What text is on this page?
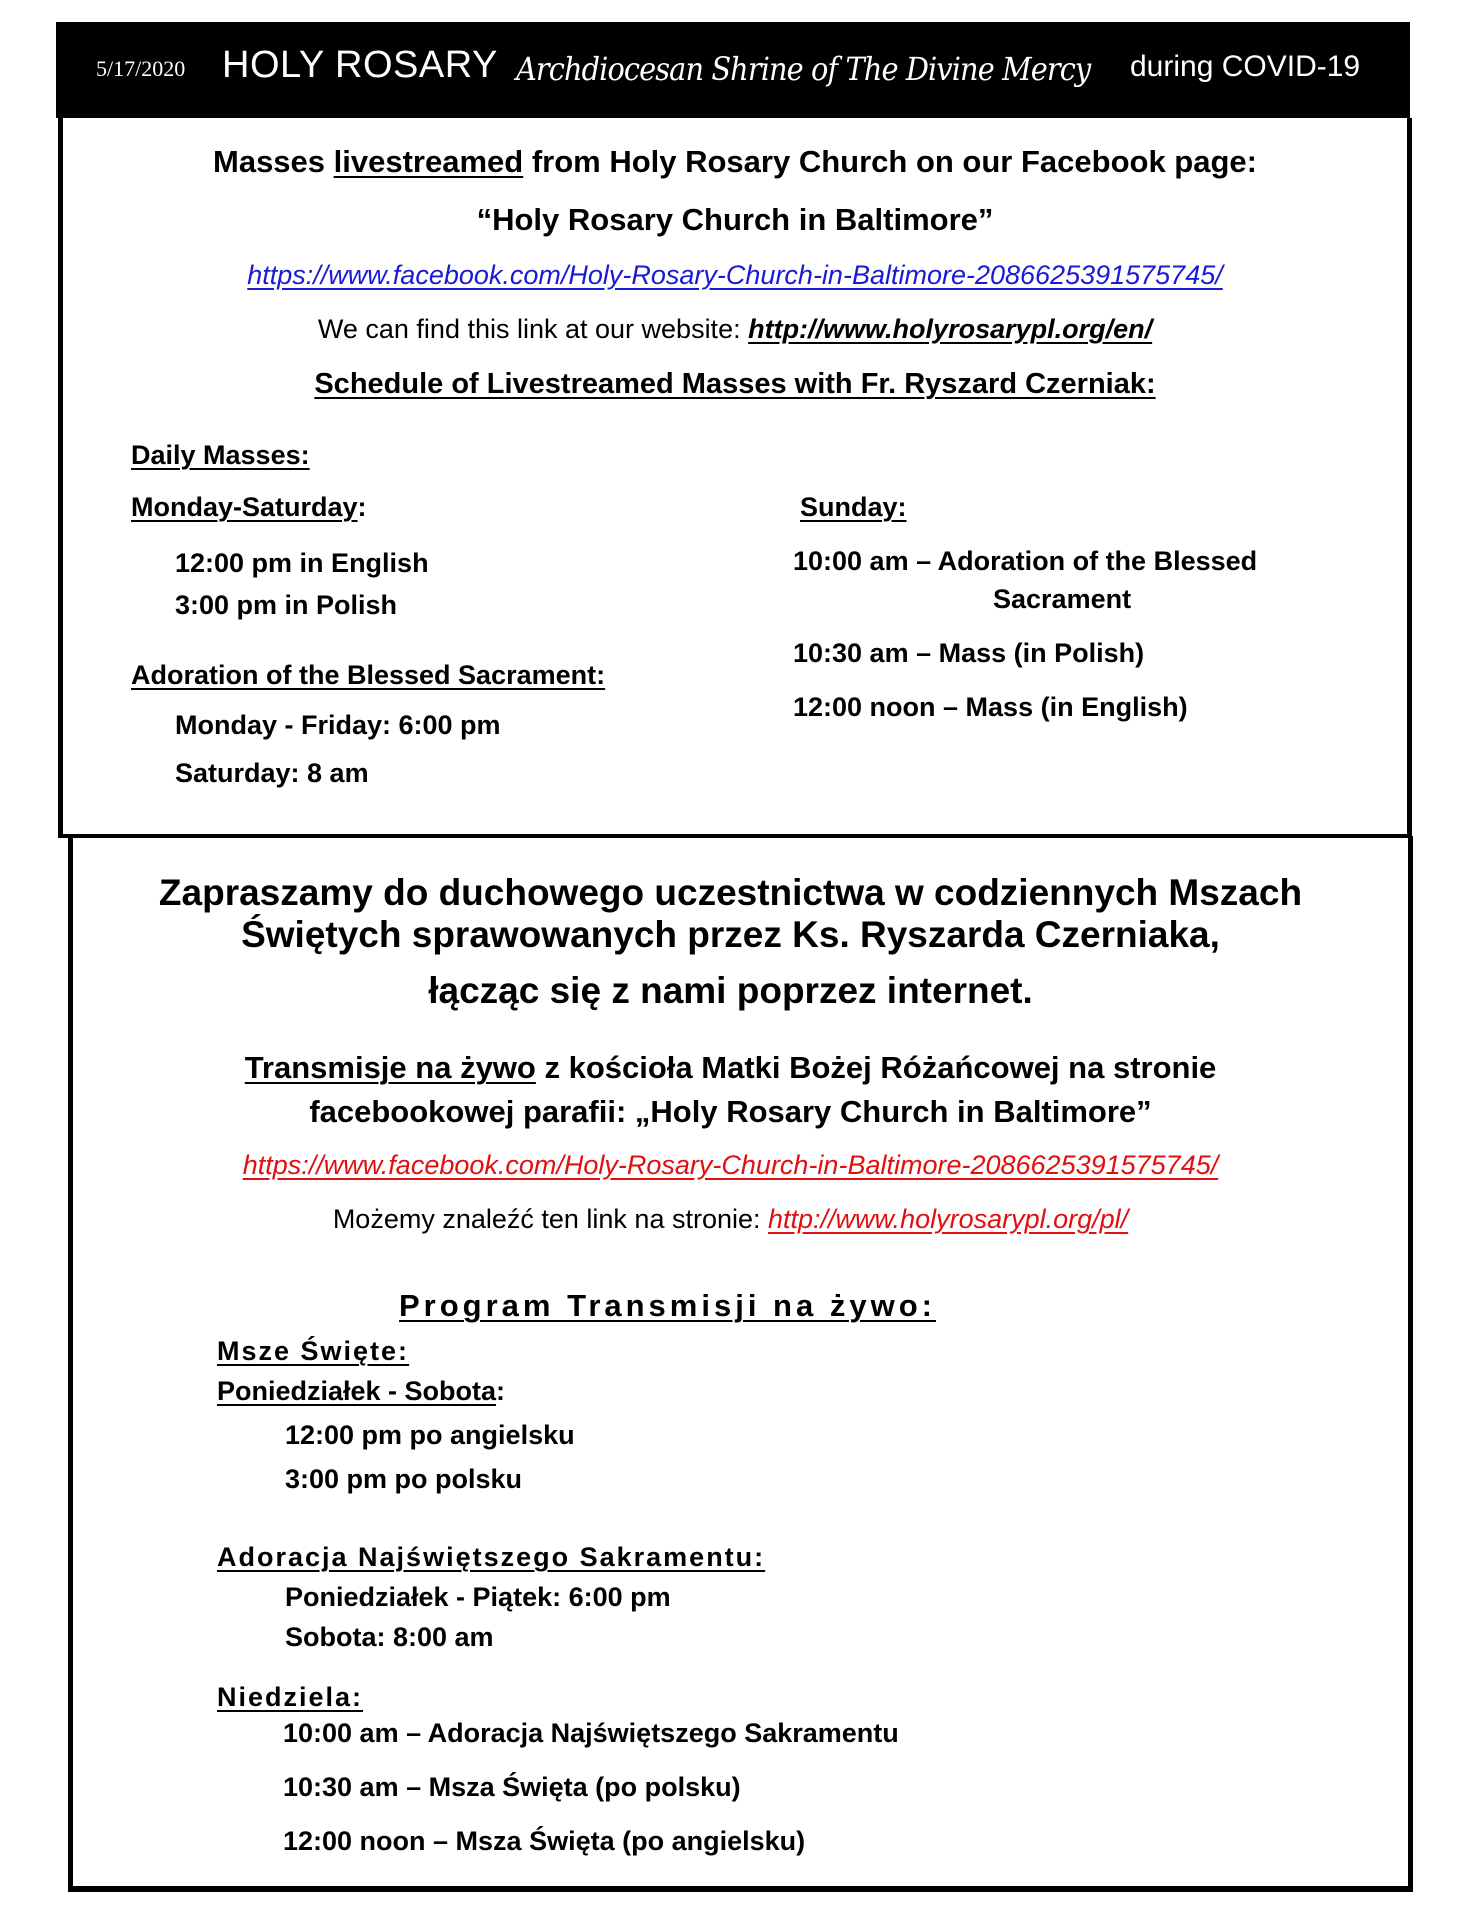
5/17/2020 HOLY ROSARY Archdiocesan Shrine of The Divine Mercy during COVID-19
Masses livestreamed from Holy Rosary Church on our Facebook page:
“Holy Rosary Church in Baltimore”
https://www.facebook.com/Holy-Rosary-Church-in-Baltimore-2086625391575745/
We can find this link at our website: http://www.holyrosarypl.org/en/
Schedule of Livestreamed Masses with Fr. Ryszard Czerniak:
Daily Masses:
Monday-Saturday:
12:00 pm in English
3:00 pm in Polish
Adoration of the Blessed Sacrament:
Monday - Friday: 6:00 pm
Saturday: 8 am
Sunday:
10:00 am – Adoration of the Blessed
Sacrament
10:30 am – Mass (in Polish)
12:00 noon – Mass (in English)
Zapraszamy do duchowego uczestnictwa w codziennych Mszach
Świętych sprawowanych przez Ks. Ryszarda Czerniaka,
łącząc się z nami poprzez internet.
Transmisje na żywo z kościoła Matki Bożej Różańcowej na stronie
facebookowej parafii: „Holy Rosary Church in Baltimore”
https://www.facebook.com/Holy-Rosary-Church-in-Baltimore-2086625391575745/
Możemy znaleźć ten link na stronie: http://www.holyrosarypl.org/pl/
Program Transmisji na żywo:
Msze Święte:
Poniedziałek - Sobota:
12:00 pm po angielsku
3:00 pm po polsku
Adoracja Najświętszego Sakramentu:
Poniedziałek - Piątek: 6:00 pm
Sobota: 8:00 am
Niedziela:
10:00 am – Adoracja Najświętszego Sakramentu
10:30 am – Msza Święta (po polsku)
12:00 noon – Msza Święta (po angielsku)
